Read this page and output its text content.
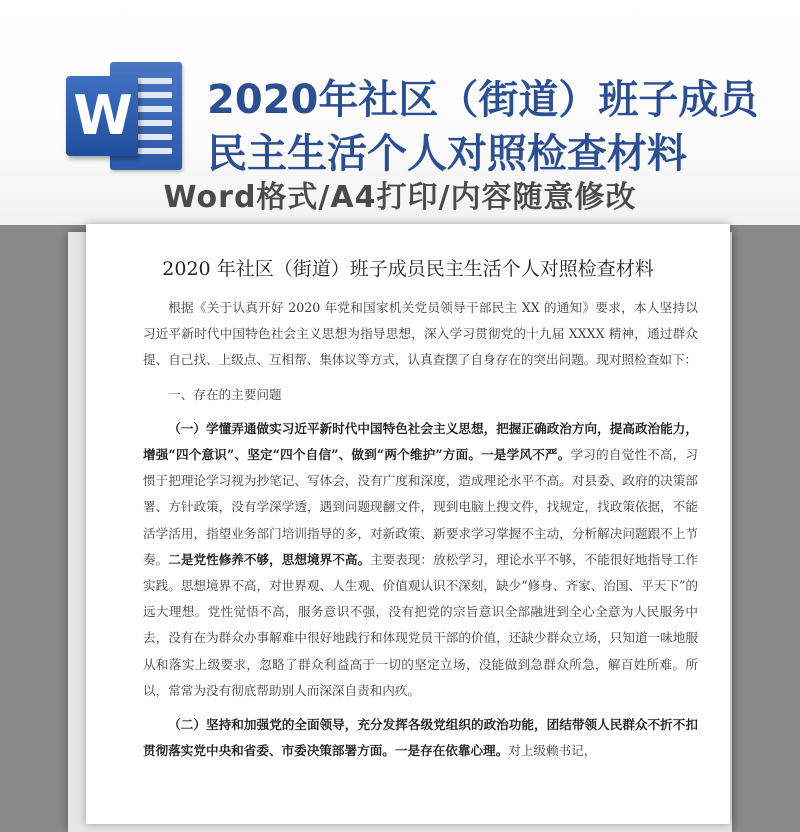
W 2020年社区（街道）班子成员
民主生活个人对照检查材料
Word格式/A4打印/内容随意修改
2020 年社区（街道）班子成员民主生活个人对照检查材料

根据《关于认真开好 2020 年党和国家机关党员领导干部民主 XX 的通知》要求，本人坚持以习近平新时代中国特色社会主义思想为指导思想，深入学习贯彻党的十九届 XXXX 精神，通过群众提、自己找、上级点、互相帮、集体议等方式，认真查摆了自身存在的突出问题。现对照检查如下：

一、存在的主要问题

（一）学懂弄通做实习近平新时代中国特色社会主义思想，把握正确政治方向，提高政治能力，增强“四个意识”、坚定“四个自信”、做到“两个维护”方面。一是学风不严。学习的自觉性不高，习惯于把理论学习视为抄笔记、写体会，没有广度和深度，造成理论水平不高。对县委、政府的决策部署、方针政策，没有学深学透，遇到问题现翻文件，现到电脑上搜文件，找规定，找政策依据，不能活学活用，指望业务部门培训指导的多，对新政策、新要求学习掌握不主动，分析解决问题跟不上节奏。二是党性修养不够，思想境界不高。主要表现：放松学习，理论水平不够，不能很好地指导工作实践。思想境界不高，对世界观、人生观、价值观认识不深刻，缺少“修身、齐家、治国、平天下”的远大理想。党性觉悟不高，服务意识不强，没有把党的宗旨意识全部融进到全心全意为人民服务中去，没有在为群众办事解难中很好地践行和体现党员干部的价值，还缺少群众立场，只知道一味地服从和落实上级要求，忽略了群众利益高于一切的坚定立场，没能做到急群众所急，解百姓所难。所以，常常为没有彻底帮助别人而深深自责和内疚。

（二）坚持和加强党的全面领导，充分发挥各级党组织的政治功能，团结带领人民群众不折不扣贯彻落实党中央和省委、市委决策部署方面。一是存在依靠心理。对上级赖书记，
